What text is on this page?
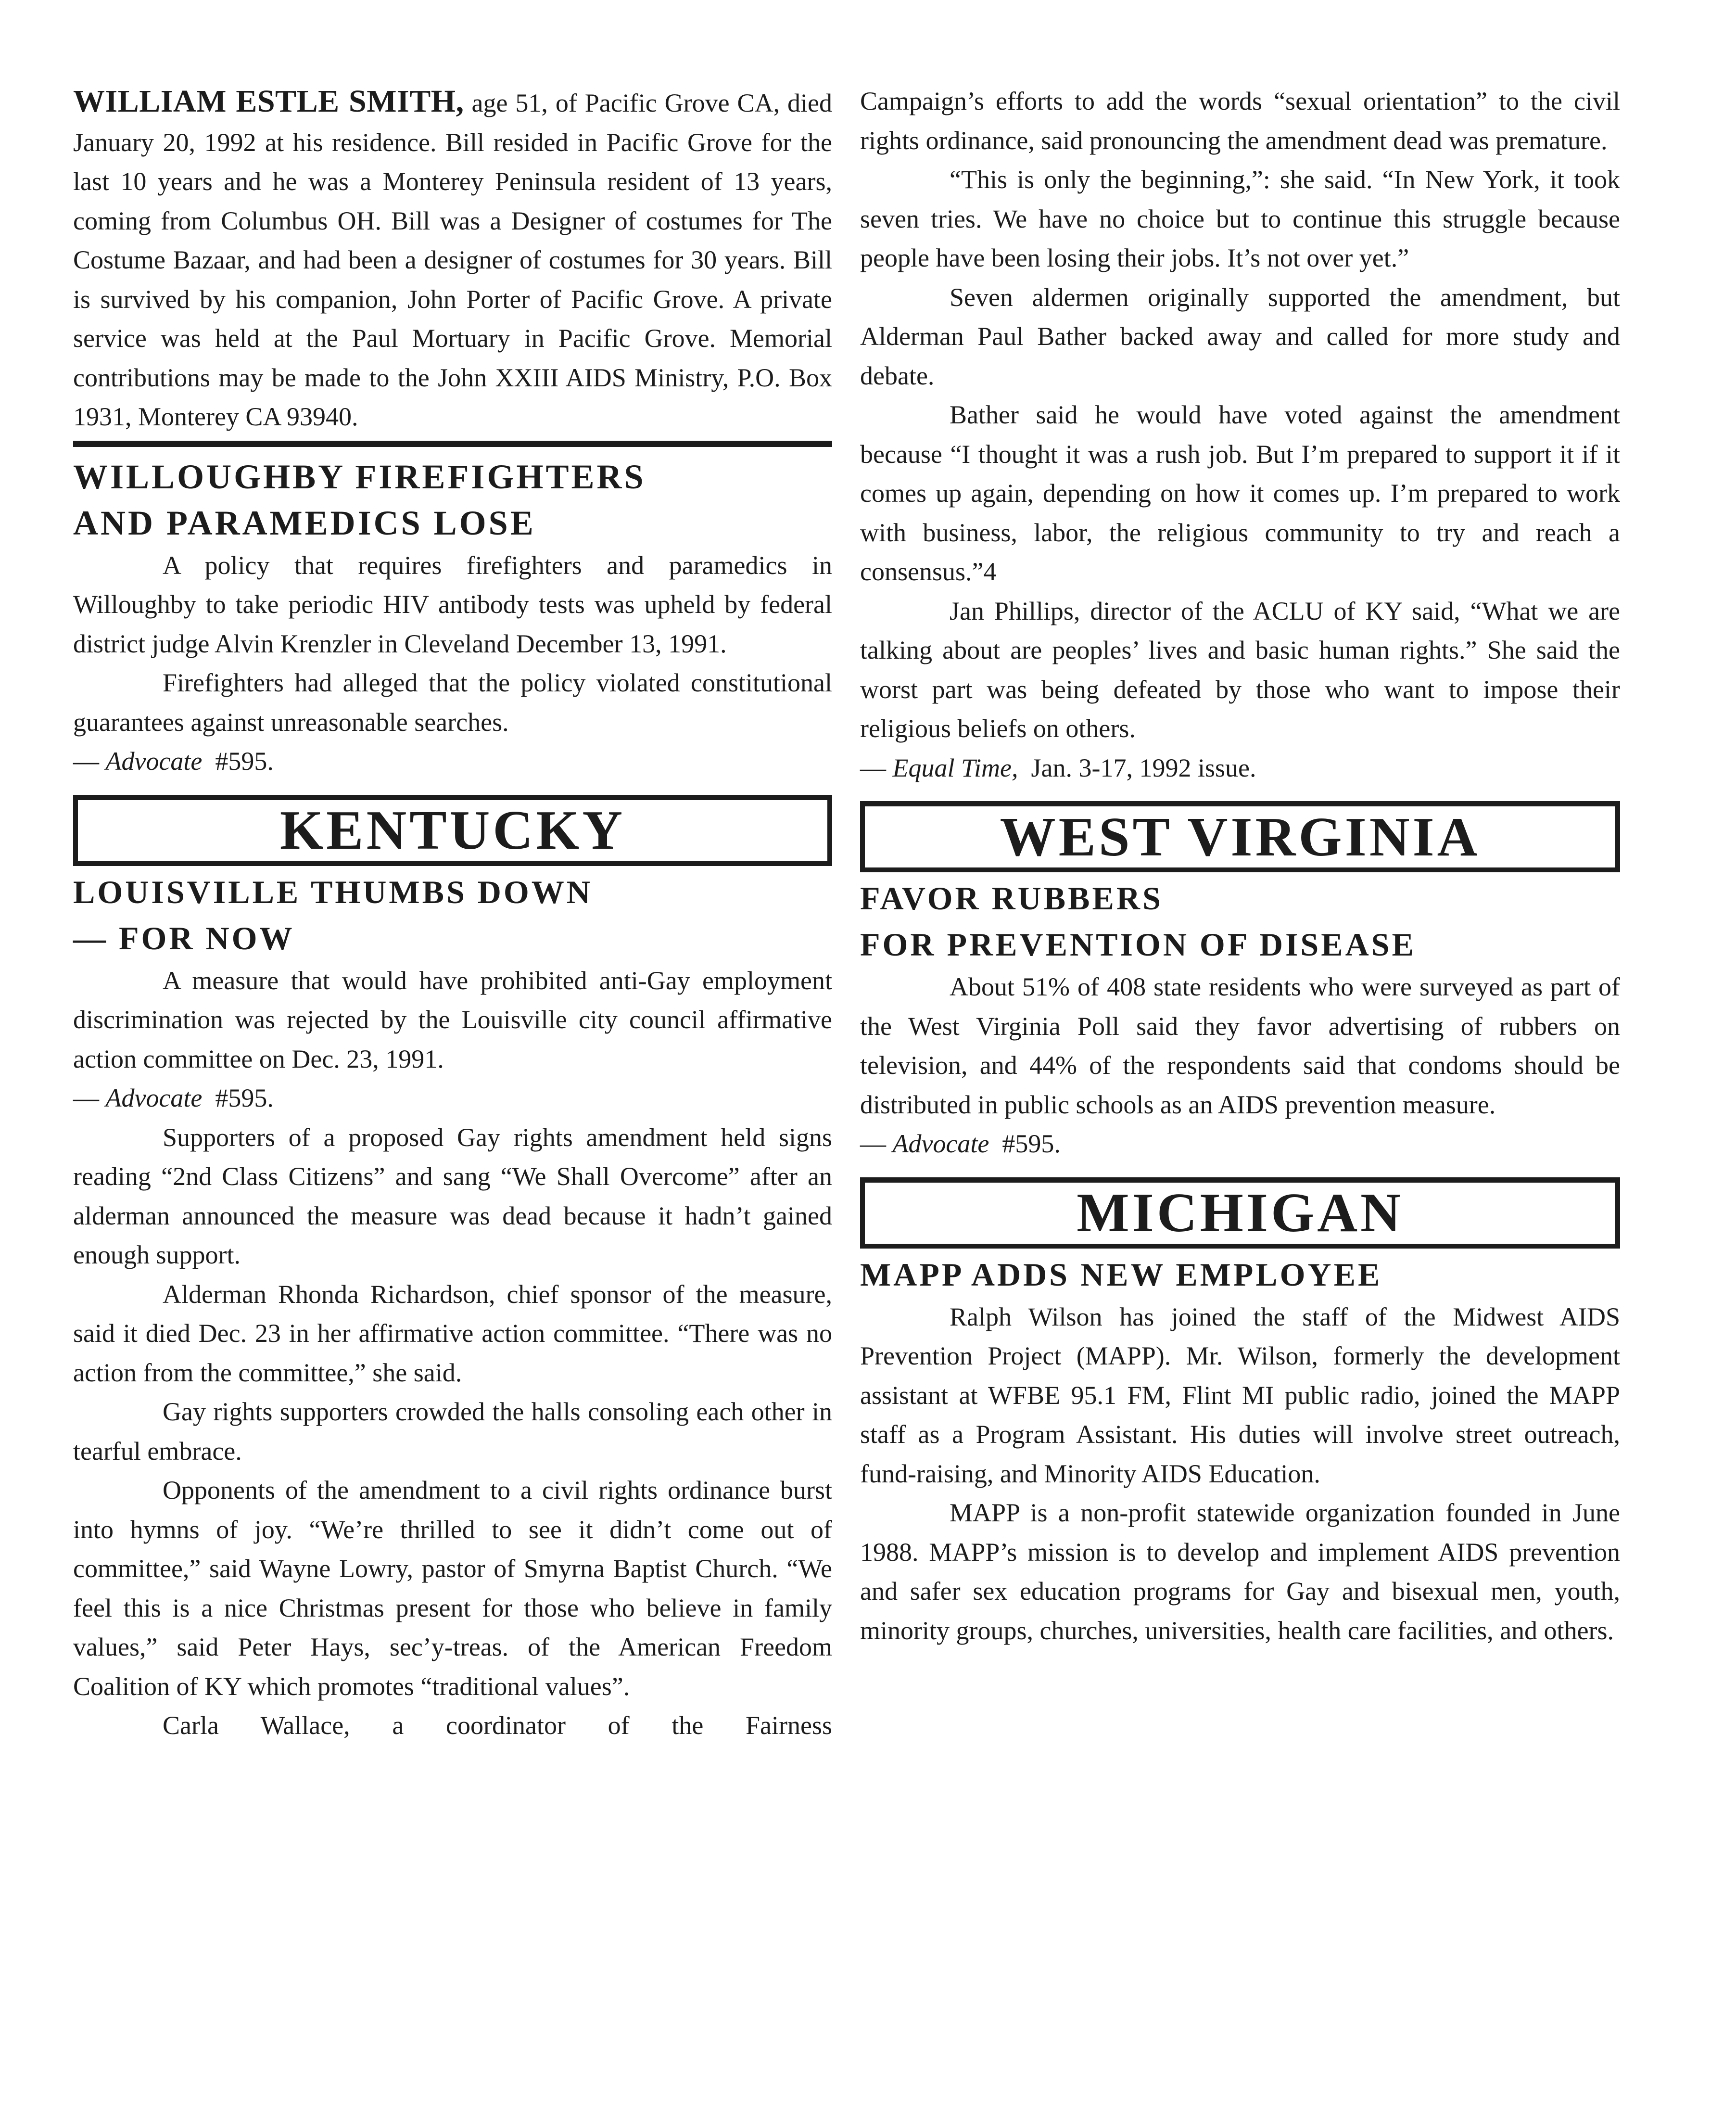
WILLIAM ESTLE SMITH, age 51, of Pacific Grove CA, died January 20, 1992 at his residence. Bill resided in Pacific Grove for the last 10 years and he was a Monterey Peninsula resident of 13 years, coming from Columbus OH. Bill was a Designer of costumes for The Costume Bazaar, and had been a designer of costumes for 30 years. Bill is survived by his companion, John Porter of Pacific Grove. A private service was held at the Paul Mortuary in Pacific Grove. Memorial contributions may be made to the John XXIII AIDS Ministry, P.O. Box 1931, Monterey CA 93940.

WILLOUGHBY FIREFIGHTERS
AND PARAMEDICS LOSE

A policy that requires firefighters and paramedics in Willoughby to take periodic HIV antibody tests was upheld by federal district judge Alvin Krenzler in Cleveland December 13, 1991.

Firefighters had alleged that the policy violated constitutional guarantees against unreasonable searches.

— Advocate #595.
KENTUCKY
LOUISVILLE THUMBS DOWN
— FOR NOW

A measure that would have prohibited anti-Gay employment discrimination was rejected by the Louisville city council affirmative action committee on Dec. 23, 1991.

— Advocate #595.

Supporters of a proposed Gay rights amendment held signs reading “2nd Class Citizens” and sang “We Shall Overcome” after an alderman announced the measure was dead because it hadn’t gained enough support.

Alderman Rhonda Richardson, chief sponsor of the measure, said it died Dec. 23 in her affirmative action committee. “There was no action from the committee,” she said.

Gay rights supporters crowded the halls consoling each other in tearful embrace.

Opponents of the amendment to a civil rights ordinance burst into hymns of joy. “We’re thrilled to see it didn’t come out of committee,” said Wayne Lowry, pastor of Smyrna Baptist Church. “We feel this is a nice Christmas present for those who believe in family values,” said Peter Hays, sec’y-treas. of the American Freedom Coalition of KY which promotes “traditional values”.

Carla Wallace, a coordinator of the Fairness

Campaign’s efforts to add the words “sexual orientation” to the civil rights ordinance, said pronouncing the amendment dead was premature.

“This is only the beginning,”: she said. “In New York, it took seven tries. We have no choice but to continue this struggle because people have been losing their jobs. It’s not over yet.”

Seven aldermen originally supported the amendment, but Alderman Paul Bather backed away and called for more study and debate.

Bather said he would have voted against the amendment because “I thought it was a rush job. But I’m prepared to support it if it comes up again, depending on how it comes up. I’m prepared to work with business, labor, the religious community to try and reach a consensus.”4

Jan Phillips, director of the ACLU of KY said, “What we are talking about are peoples’ lives and basic human rights.” She said the worst part was being defeated by those who want to impose their religious beliefs on others.

— Equal Time, Jan. 3-17, 1992 issue.
WEST VIRGINIA
FAVOR RUBBERS
FOR PREVENTION OF DISEASE

About 51% of 408 state residents who were surveyed as part of the West Virginia Poll said they favor advertising of rubbers on television, and 44% of the respondents said that condoms should be distributed in public schools as an AIDS prevention measure.

— Advocate #595.
MICHIGAN
MAPP ADDS NEW EMPLOYEE

Ralph Wilson has joined the staff of the Midwest AIDS Prevention Project (MAPP). Mr. Wilson, formerly the development assistant at WFBE 95.1 FM, Flint MI public radio, joined the MAPP staff as a Program Assistant. His duties will involve street outreach, fund-raising, and Minority AIDS Education.

MAPP is a non-profit statewide organization founded in June 1988. MAPP’s mission is to develop and implement AIDS prevention and safer sex education programs for Gay and bisexual men, youth, minority groups, churches, universities, health care facilities, and others.
